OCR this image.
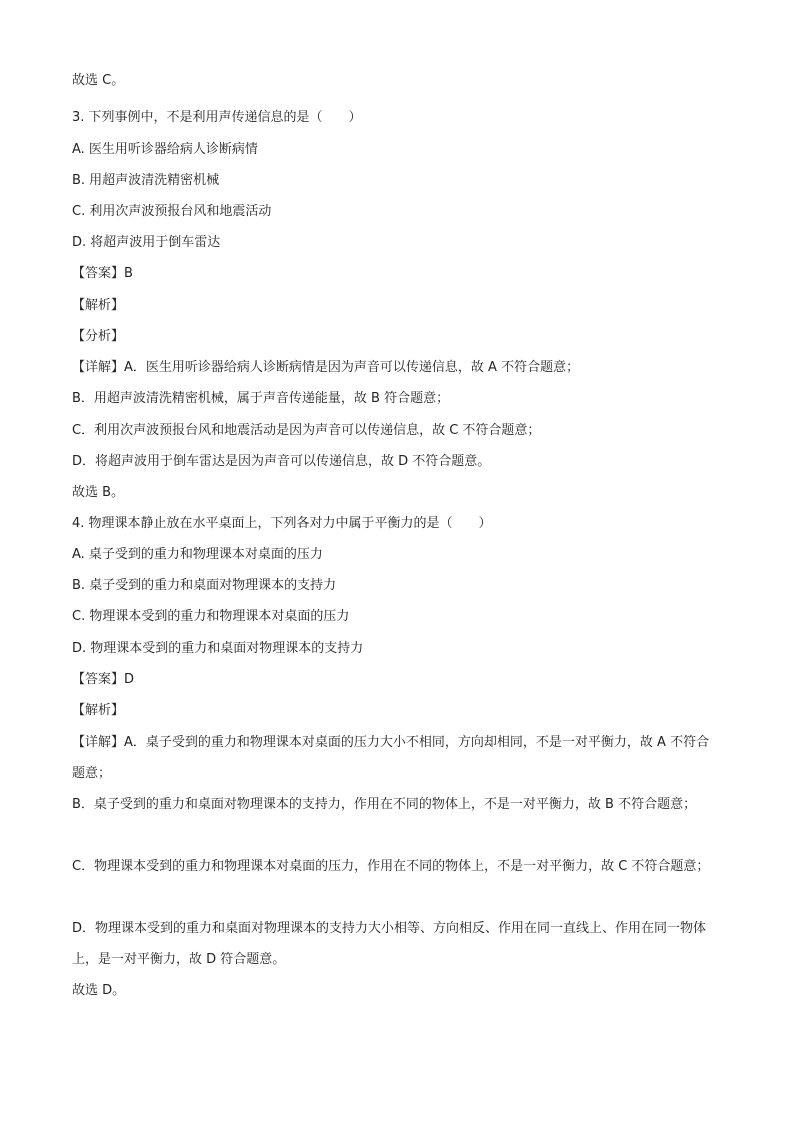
故选 C。
3. 下列事例中，不是利用声传递信息的是（　　）
A. 医生用听诊器给病人诊断病情
B. 用超声波清洗精密机械
C. 利用次声波预报台风和地震活动
D. 将超声波用于倒车雷达
【答案】B
【解析】
【分析】
【详解】A．医生用听诊器给病人诊断病情是因为声音可以传递信息，故 A 不符合题意；
B．用超声波清洗精密机械，属于声音传递能量，故 B 符合题意；
C．利用次声波预报台风和地震活动是因为声音可以传递信息，故 C 不符合题意；
D．将超声波用于倒车雷达是因为声音可以传递信息，故 D 不符合题意。
故选 B。
4. 物理课本静止放在水平桌面上，下列各对力中属于平衡力的是（　　）
A. 桌子受到的重力和物理课本对桌面的压力
B. 桌子受到的重力和桌面对物理课本的支持力
C. 物理课本受到的重力和物理课本对桌面的压力
D. 物理课本受到的重力和桌面对物理课本的支持力
【答案】D
【解析】
【详解】A．桌子受到的重力和物理课本对桌面的压力大小不相同，方向却相同，不是一对平衡力，故 A 不符合题意；
B．桌子受到的重力和桌面对物理课本的支持力，作用在不同的物体上，不是一对平衡力，故 B 不符合题意；
C．物理课本受到的重力和物理课本对桌面的压力，作用在不同的物体上，不是一对平衡力，故 C 不符合题意；
D．物理课本受到的重力和桌面对物理课本的支持力大小相等、方向相反、作用在同一直线上、作用在同一物体上，是一对平衡力，故 D 符合题意。
故选 D。
